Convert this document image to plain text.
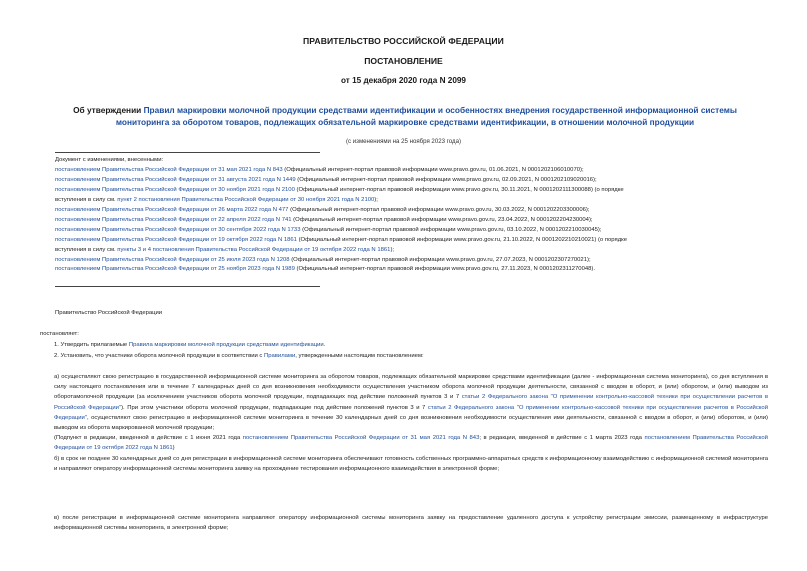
ПРАВИТЕЛЬСТВО РОССИЙСКОЙ ФЕДЕРАЦИИ
ПОСТАНОВЛЕНИЕ
от 15 декабря 2020 года N 2099
Об утверждении Правил маркировки молочной продукции средствами идентификации и особенностях внедрения государственной информационной системы мониторинга за оборотом товаров, подлежащих обязательной маркировке средствами идентификации, в отношении молочной продукции
(с изменениями на 25 ноября 2023 года)
Документ с изменениями, внесенными:
постановлением Правительства Российской Федерации от 31 мая 2021 года N 843 (Официальный интернет-портал правовой информации www.pravo.gov.ru, 01.06.2021, N 0001202106010070);
постановлением Правительства Российской Федерации от 31 августа 2021 года N 1449 (Официальный интернет-портал правовой информации www.pravo.gov.ru, 02.09.2021, N 0001202109020016);
постановлением Правительства Российской Федерации от 30 ноября 2021 года N 2100 (Официальный интернет-портал правовой информации www.pravo.gov.ru, 30.11.2021, N 0001202111300088) (о порядке
вступления в силу см. пункт 2 постановления Правительства Российской Федерации от 30 ноября 2021 года N 2100);
постановлением Правительства Российской Федерации от 26 марта 2022 года N 477 (Официальный интернет-портал правовой информации www.pravo.gov.ru, 30.03.2022, N 0001202203300006);
постановлением Правительства Российской Федерации от 22 апреля 2022 года N 741 (Официальный интернет-портал правовой информации www.pravo.gov.ru, 23.04.2022, N 0001202204230004);
постановлением Правительства Российской Федерации от 30 сентября 2022 года N 1733 (Официальный интернет-портал правовой информации www.pravo.gov.ru, 03.10.2022, N 0001202210030045);
постановлением Правительства Российской Федерации от 19 октября 2022 года N 1861 (Официальный интернет-портал правовой информации www.pravo.gov.ru, 21.10.2022, N 0001202210210021) (о порядке
вступления в силу см. пункты 3 и 4 постановления Правительства Российской Федерации от 19 октября 2022 года N 1861);
постановлением Правительства Российской Федерации от 25 июля 2023 года N 1208 (Официальный интернет-портал правовой информации www.pravo.gov.ru, 27.07.2023, N 0001202307270021);
постановлением Правительства Российской Федерации от 25 ноября 2023 года N 1989 (Официальный интернет-портал правовой информации www.pravo.gov.ru, 27.11.2023, N 0001202311270048).
Правительство Российской Федерации
постановляет:
1. Утвердить прилагаемые Правила маркировки молочной продукции средствами идентификации.
2. Установить, что участники оборота молочной продукции в соответствии с Правилами, утвержденными настоящим постановлением:
а) осуществляют свою регистрацию в государственной информационной системе мониторинга за оборотом товаров, подлежащих обязательной маркировке средствами идентификации (далее - информационная система мониторинга), со дня вступления в силу настоящего постановления или в течение 7 календарных дней со дня возникновения необходимости осуществления участником оборота молочной продукции деятельности, связанной с вводом в оборот, и (или) оборотом, и (или) выводом из оборотамолочной продукции (за исключением участников оборота молочной продукции, подпадающих под действие положений пунктов 3 и 7 статьи 2 Федерального закона "О применении контрольно-кассовой техники при осуществлении расчетов в Российской Федерации"). При этом участники оборота молочной продукции, подпадающие под действие положений пунктов 3 и 7 статьи 2 Федерального закона "О применении контрольно-кассовой техники при осуществлении расчетов в Российской Федерации", осуществляют свою регистрацию в информационной системе мониторинга в течение 30 календарных дней со дня возникновения необходимости осуществления ими деятельности, связанной с вводом в оборот, и (или) оборотом, и (или) выводом из оборота маркированной молочной продукции;
(Подпункт в редакции, введенной в действие с 1 июня 2021 года постановлением Правительства Российской Федерации от 31 мая 2021 года N 843; в редакции, введенной в действие с 1 марта 2023 года постановлением Правительства Российской Федерации от 19 октября 2022 года N 1861)
б) в срок не позднее 30 календарных дней со дня регистрации в информационной системе мониторинга обеспечивают готовность собственных программно-аппаратных средств к информационному взаимодействию с информационной системой мониторинга и направляют оператору информационной системы мониторинга заявку на прохождение тестирования информационного взаимодействия в электронной форме;
в) после регистрации в информационной системе мониторинга направляют оператору информационной системы мониторинга заявку на предоставление удаленного доступа к устройству регистрации эмиссии, размещенному в инфраструктуре информационной системы мониторинга, в электронной форме;
